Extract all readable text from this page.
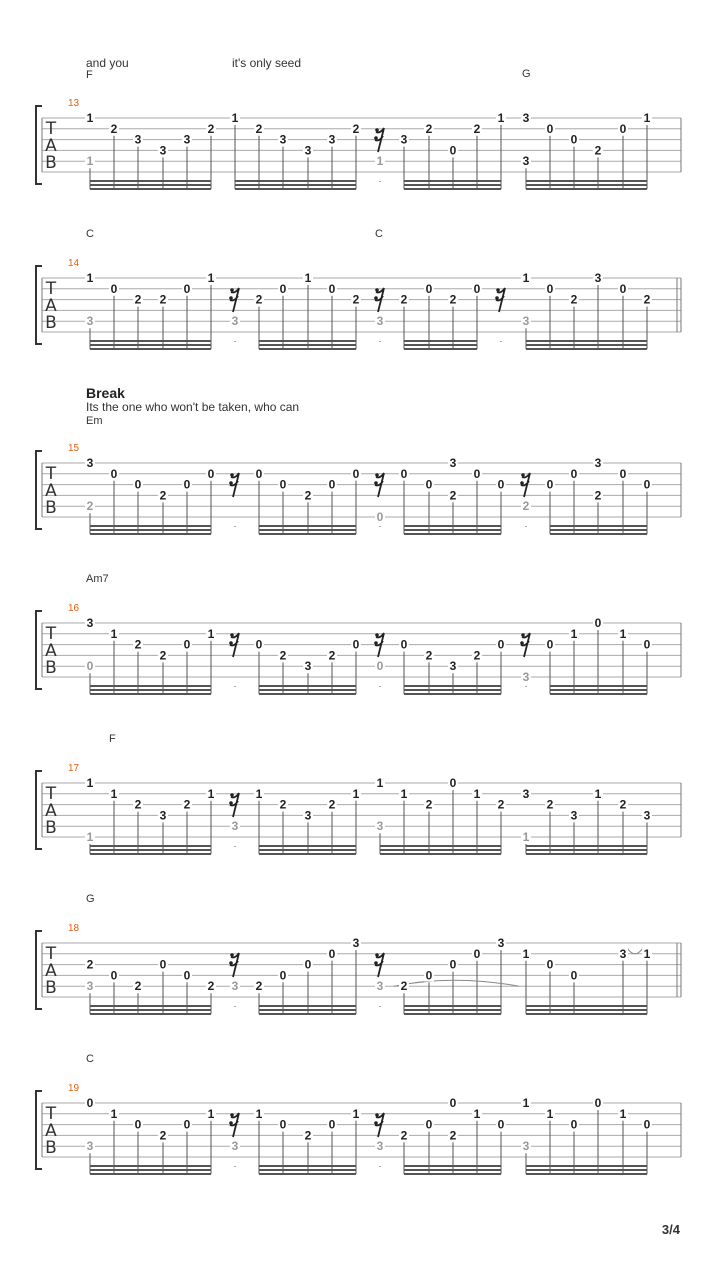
13
T
A
B
1
1
2
3
3
3
2
1
2
3
3
3
2
1
3
2
0
2
1 3
3
0
0
2
0
1
and you	it's only seed
F	G
14
T
A
B
1
3
0
2 2
0
1
3
2
0
1
0
2
3
2
0
2
0
1
3
0
2
3
0
2
C	C
15
T
A
B
3
2
0
0
2
0
0	0
0
2
0
0
0
0
0
3
2
0
0
2
0
0
3
2
0
0
Break
Its the one who won't be taken, who can
Em
16
T
A
B
3
0
1
2
2
0
1
0
2
3
2
0
0
0
2
3
2
0
3
0
1
0
1
0
Am7
17
T
A
B
1
1
1
2
3
2
1
3
1
2
3
2
1
1
3
1
2
0
1
2
3
1
2
3
1
2
3
F
18
T
A
B
2
3
0
2
0
0
2 3 2
0
0
0
3
3 2
0
0
0
3
1
0
0
3 1
G
19
T
A
B
0
3
1
0
2
0
1
3
1
0
2
0
1
3
2
0
0
2
1
0
1
3
1
0
0
1
0
C
3/4
